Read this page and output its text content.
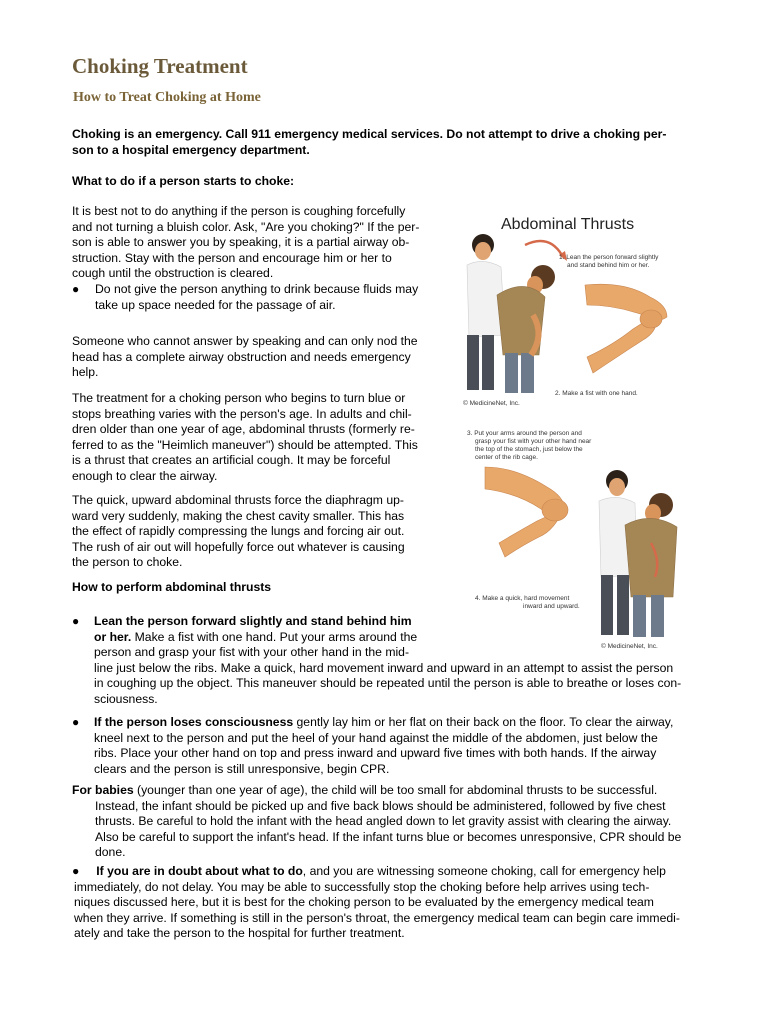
Choking Treatment
How to Treat Choking at Home
Choking is an emergency. Call 911 emergency medical services. Do not attempt to drive a choking per-
son to a hospital emergency department.
What to do if a person starts to choke:
It is best not to do anything if the person is coughing forcefully
and not turning a bluish color. Ask, "Are you choking?" If the per-
son is able to answer you by speaking, it is a partial airway ob-
struction. Stay with the person and encourage him or her to
cough until the obstruction is cleared.
● Do not give the person anything to drink because fluids may
take up space needed for the passage of air.
Someone who cannot answer by speaking and can only nod the
head has a complete airway obstruction and needs emergency
help.
The treatment for a choking person who begins to turn blue or
stops breathing varies with the person's age. In adults and chil-
dren older than one year of age, abdominal thrusts (formerly re-
ferred to as the "Heimlich maneuver") should be attempted. This
is a thrust that creates an artificial cough. It may be forceful
enough to clear the airway.
The quick, upward abdominal thrusts force the diaphragm up-
ward very suddenly, making the chest cavity smaller. This has
the effect of rapidly compressing the lungs and forcing air out.
The rush of air out will hopefully force out whatever is causing
the person to choke.
How to perform abdominal thrusts
● Lean the person forward slightly and stand behind him
or her. Make a fist with one hand. Put your arms around the
person and grasp your fist with your other hand in the mid-
line just below the ribs. Make a quick, hard movement inward and upward in an attempt to assist the person
in coughing up the object. This maneuver should be repeated until the person is able to breathe or loses con-
sciousness.
● If the person loses consciousness gently lay him or her flat on their back on the floor. To clear the airway,
kneel next to the person and put the heel of your hand against the middle of the abdomen, just below the
ribs. Place your other hand on top and press inward and upward five times with both hands. If the airway
clears and the person is still unresponsive, begin CPR.
For babies (younger than one year of age), the child will be too small for abdominal thrusts to be successful.
Instead, the infant should be picked up and five back blows should be administered, followed by five chest
thrusts. Be careful to hold the infant with the head angled down to let gravity assist with clearing the airway.
Also be careful to support the infant's head. If the infant turns blue or becomes unresponsive, CPR should be
done.
●     If you are in doubt about what to do, and you are witnessing someone choking, call for emergency help
immediately, do not delay. You may be able to successfully stop the choking before help arrives using tech-
niques discussed here, but it is best for the choking person to be evaluated by the emergency medical team
when they arrive. If something is still in the person's throat, the emergency medical team can begin care immedi-
ately and take the person to the hospital for further treatment.
Abdominal Thrusts
1. Lean the person forward slightly
and stand behind him or her.
2. Make a fist with one hand.
© MedicineNet, Inc.
3. Put your arms around the person and
grasp your fist with your other hand near
the top of the stomach, just below the
center of the rib cage.
4. Make a quick, hard movement
inward and upward.
© MedicineNet, Inc.
